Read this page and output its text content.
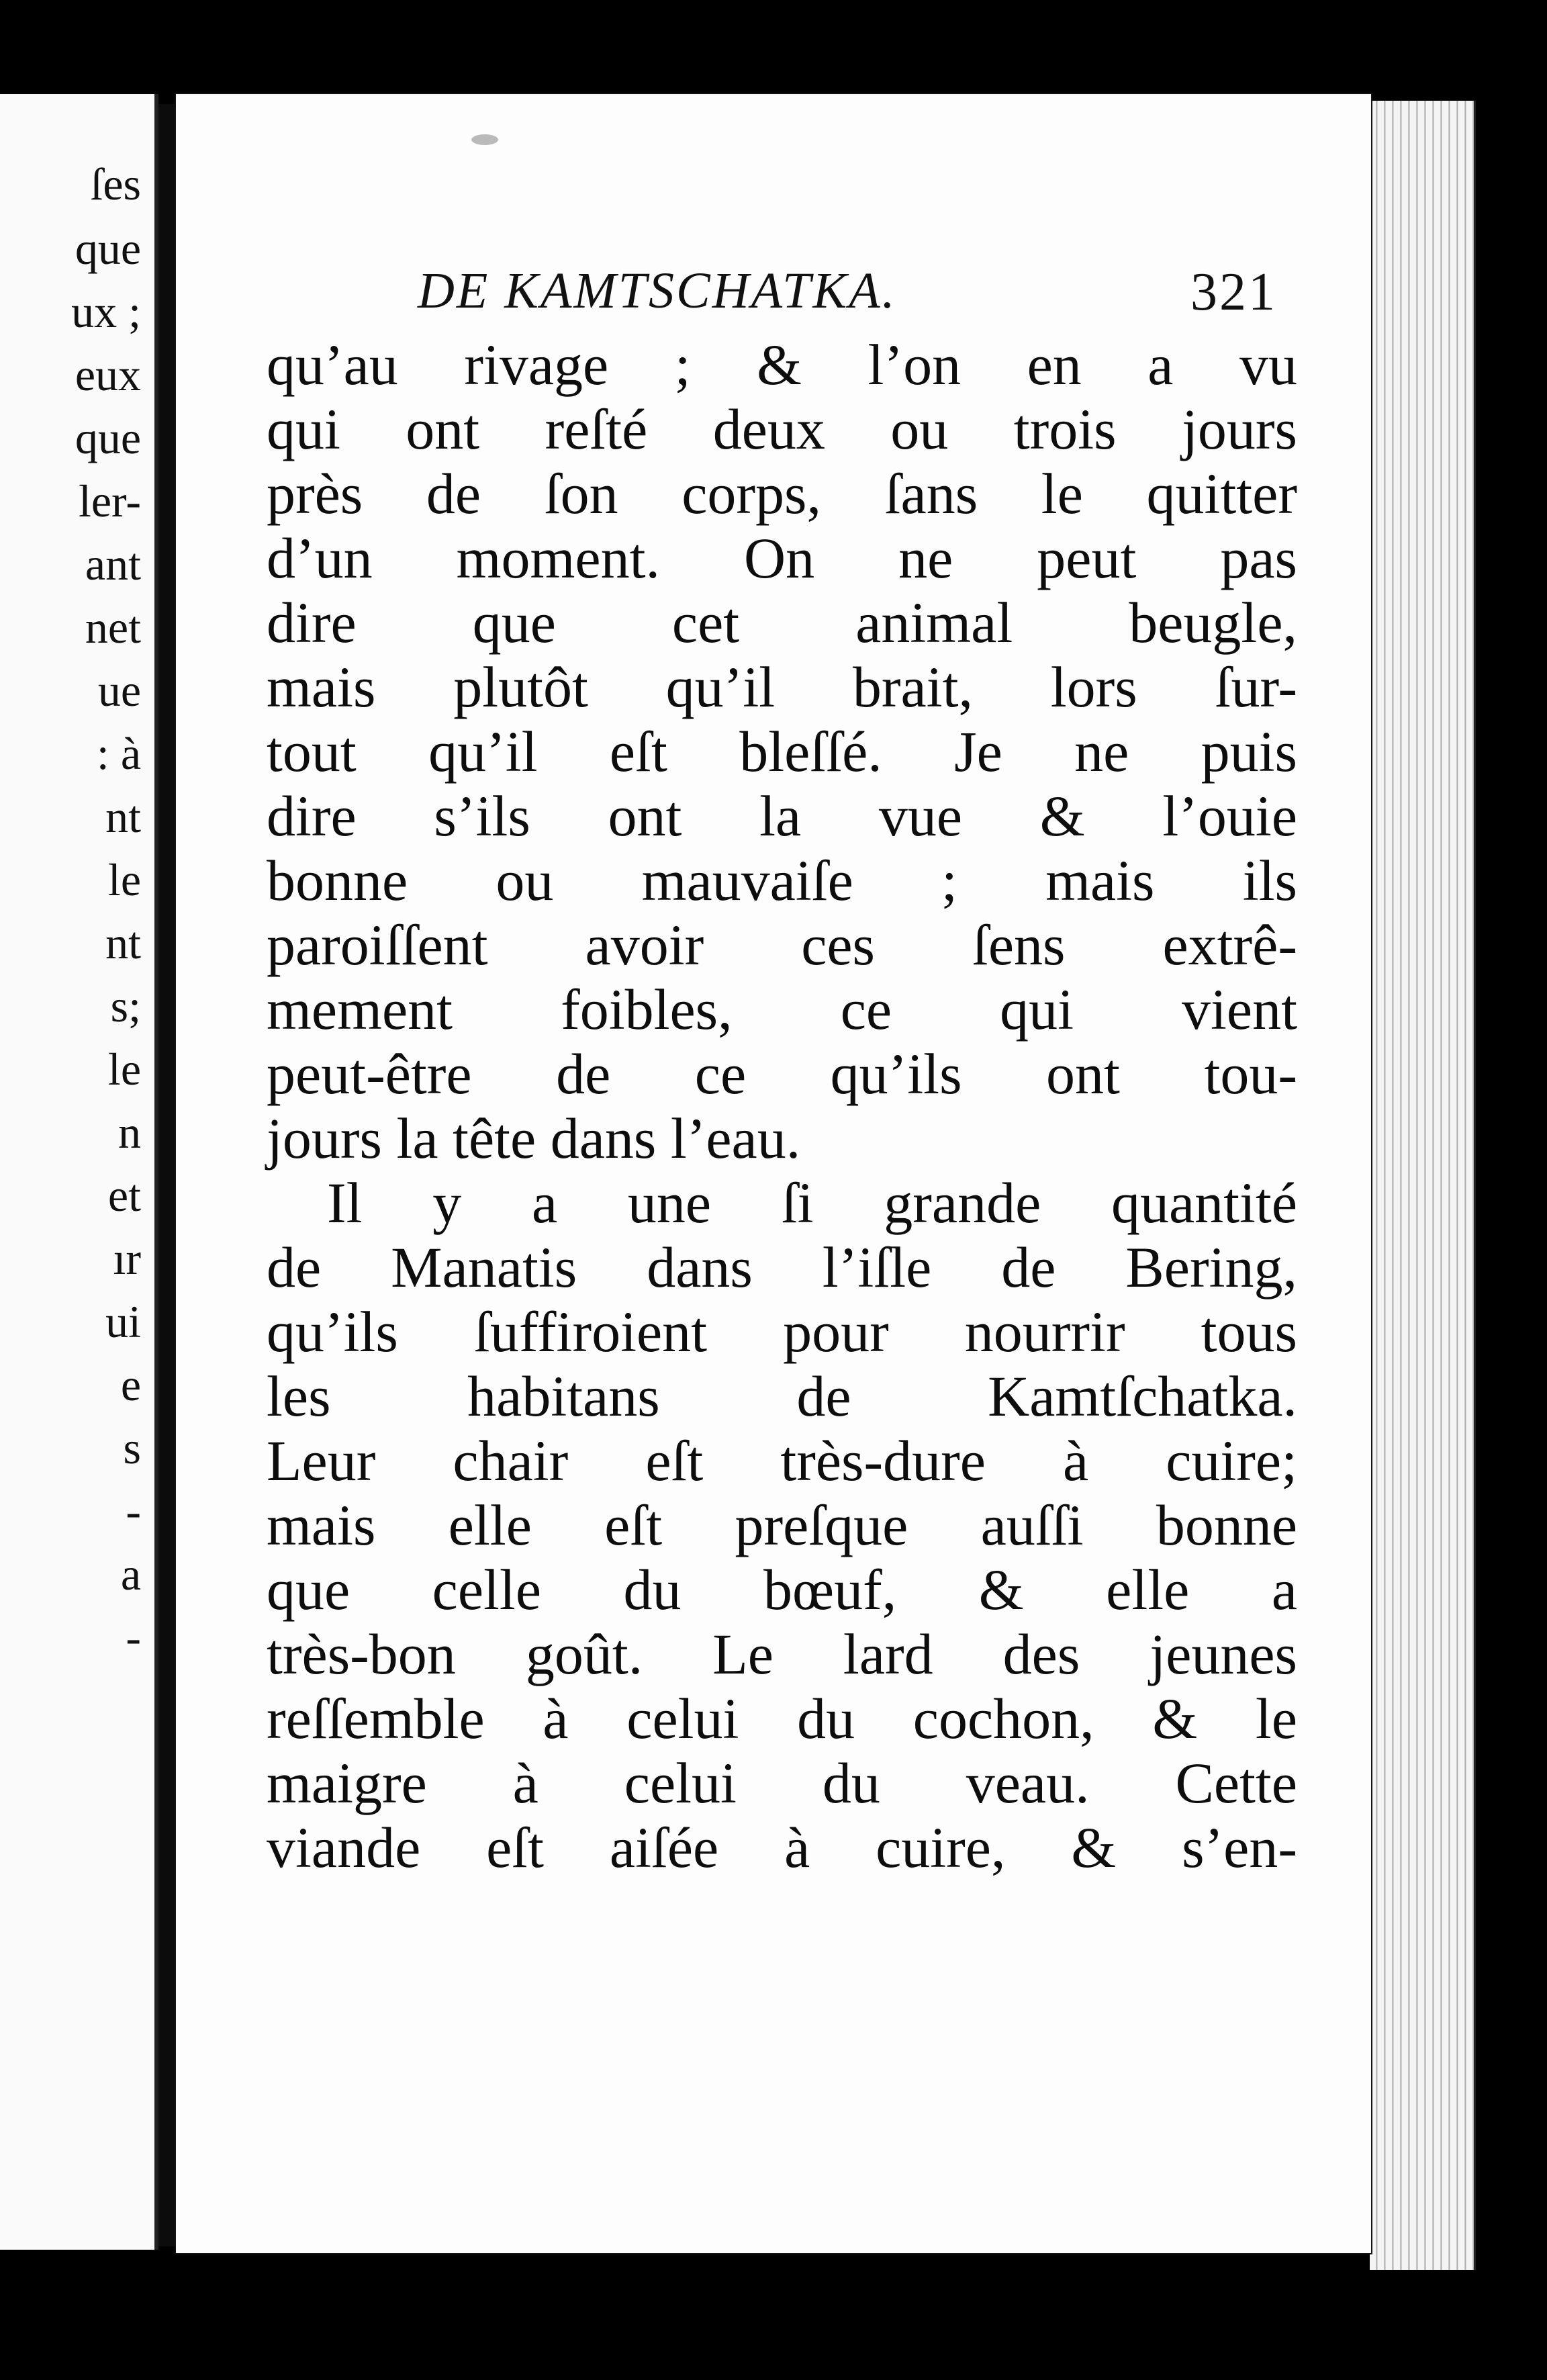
ſes
que
ux ;
eux
que
ler-
ant
net
ue
: à
nt
le
nt
s;
le
n
et
ır
ui
e
s
-
a
-
DE KAMTSCHATKA.	321
qu’au rivage ; & l’on en a vu
qui ont reſté deux ou trois jours
près de ſon corps, ſans le quitter
d’un moment. On ne peut pas
dire que cet animal beugle,
mais plutôt qu’il brait, lors ſur-
tout qu’il eſt bleſſé. Je ne puis
dire s’ils ont la vue & l’ouie
bonne ou mauvaiſe ; mais ils
paroiſſent avoir ces ſens extrê-
mement foibles, ce qui vient
peut-être de ce qu’ils ont tou-
jours la tête dans l’eau.
Il y a une ſi grande quantité
de Manatis dans l’iſle de Bering,
qu’ils ſuffiroient pour nourrir tous
les habitans de Kamtſchatka.
Leur chair eſt très-dure à cuire;
mais elle eſt preſque auſſi bonne
que celle du bœuf, & elle a
très-bon goût. Le lard des jeunes
reſſemble à celui du cochon, & le
maigre à celui du veau. Cette
viande eſt aiſée à cuire, & s’en-
